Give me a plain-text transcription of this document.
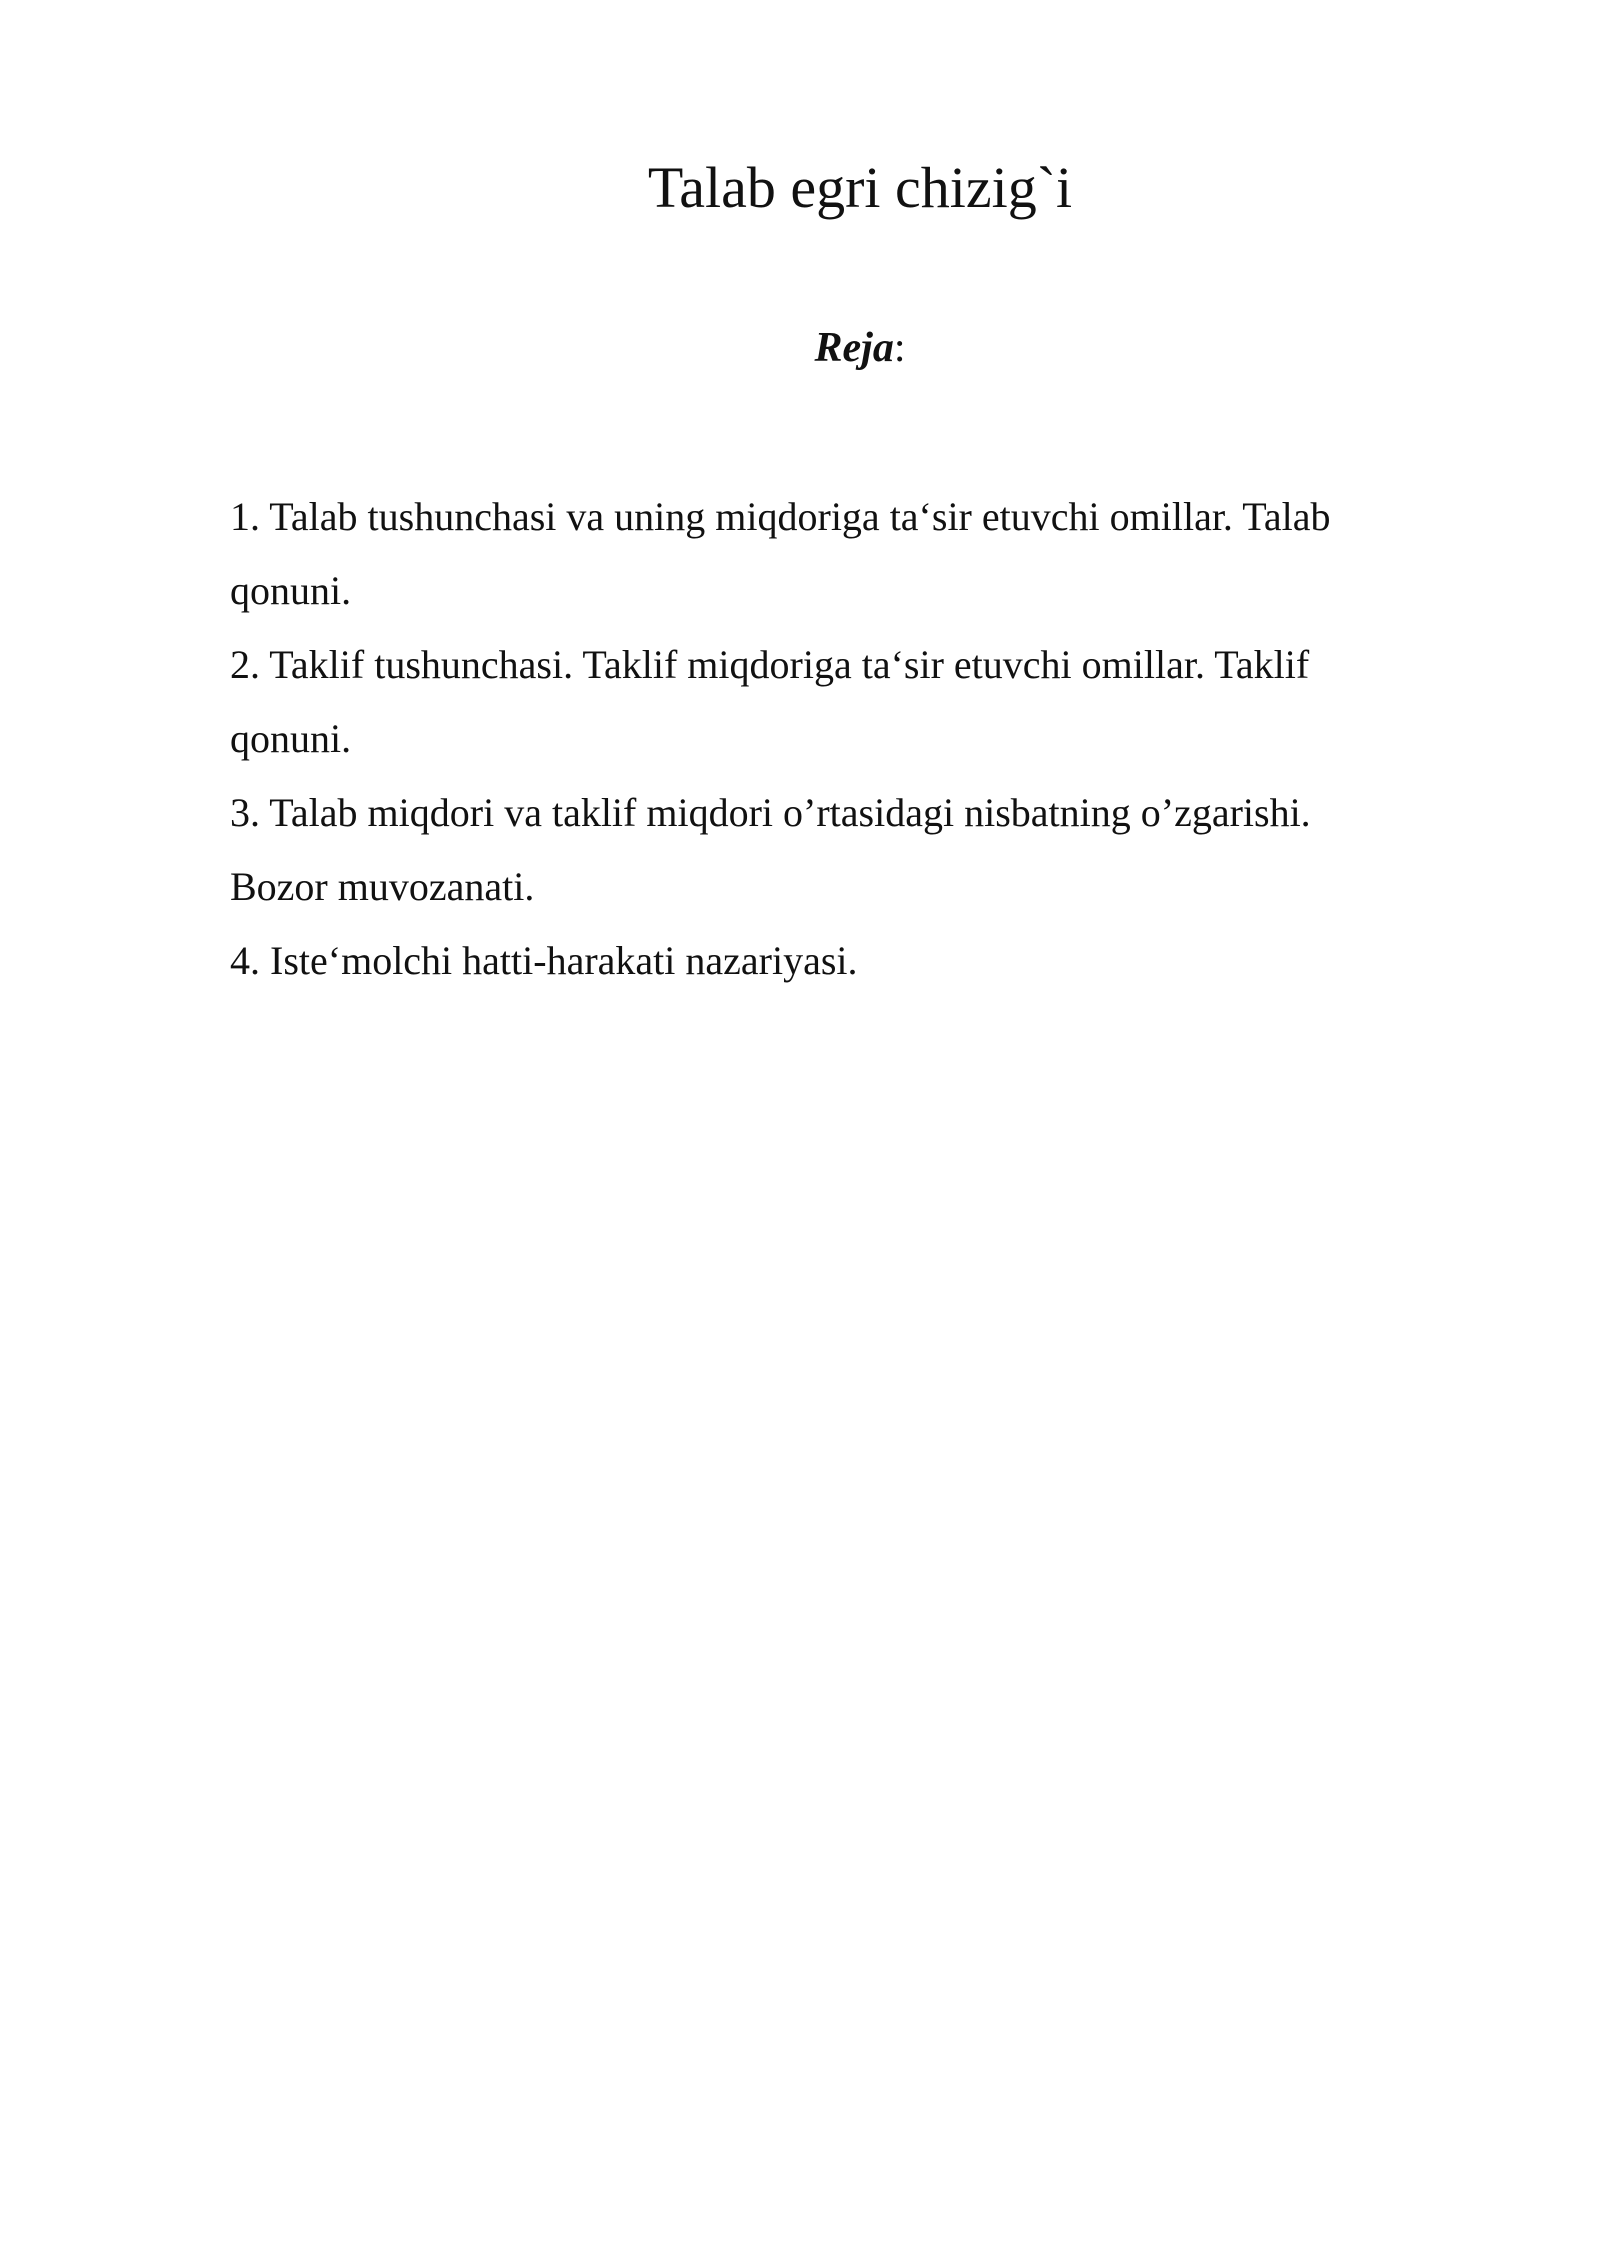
Talab egri chizig`i

Reja:

1. Talab tushunchasi va uning miqdoriga ta‘sir etuvchi omillar. Talab
qonuni.
2. Taklif tushunchasi. Taklif miqdoriga ta‘sir etuvchi omillar. Taklif
qonuni.
3. Talab miqdori va taklif miqdori o’rtasidagi nisbatning o’zgarishi.
Bozor muvozanati.
4. Iste‘molchi hatti-harakati nazariyasi.
